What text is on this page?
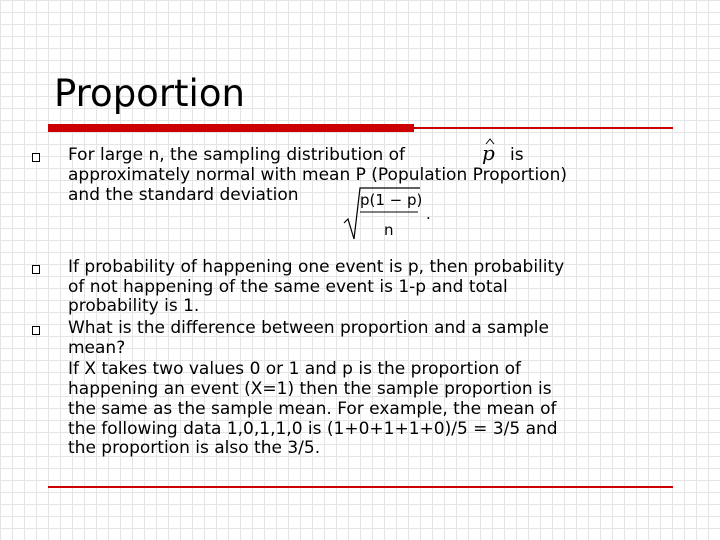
Proportion
For large n, the sampling distribution of	is
approximately normal with mean P (Population Proportion)
and the standard deviation
p
p(1 − p)
n
.
If probability of happening one event is p, then probability
of not happening of the same event is 1-p and total
probability is 1.
What is the difference between proportion and a sample
mean?
If X takes two values 0 or 1 and p is the proportion of
happening an event (X=1) then the sample proportion is
the same as the sample mean. For example, the mean of
the following data 1,0,1,1,0 is (1+0+1+1+0)/5 = 3/5 and
the proportion is also the 3/5.
